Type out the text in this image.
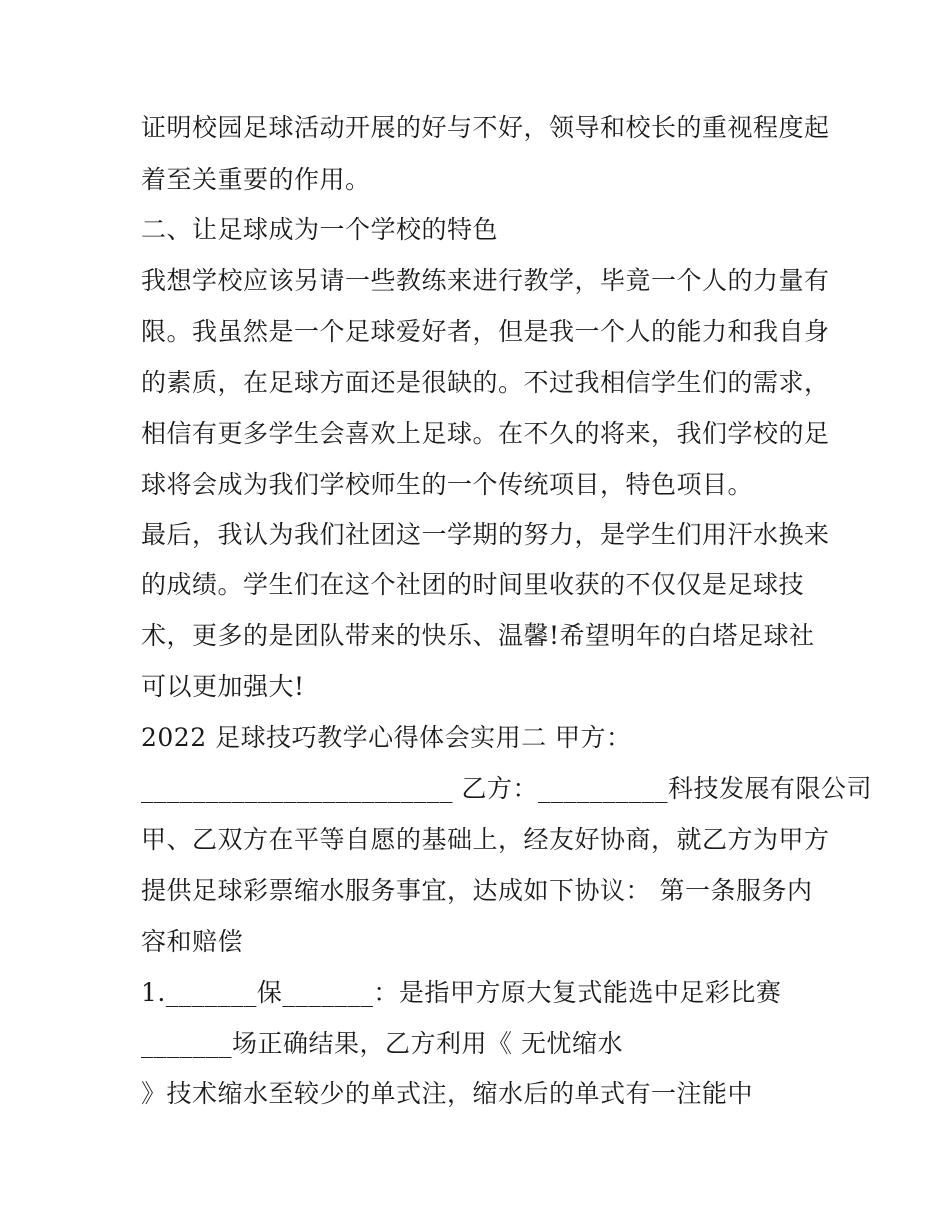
证明校园足球活动开展的好与不好，领导和校长的重视程度起
着至关重要的作用。
二、让足球成为一个学校的特色
我想学校应该另请一些教练来进行教学，毕竟一个人的力量有
限。我虽然是一个足球爱好者，但是我一个人的能力和我自身
的素质，在足球方面还是很缺的。不过我相信学生们的需求，
相信有更多学生会喜欢上足球。在不久的将来，我们学校的足
球将会成为我们学校师生的一个传统项目，特色项目。
最后，我认为我们社团这一学期的努力，是学生们用汗水换来
的成绩。学生们在这个社团的时间里收获的不仅仅是足球技
术，更多的是团队带来的快乐、温馨!希望明年的白塔足球社
可以更加强大!
2022 足球技巧教学心得体会实用二 甲方：
________________________ 乙方：__________科技发展有限公司
甲、乙双方在平等自愿的基础上，经友好协商，就乙方为甲方
提供足球彩票缩水服务事宜，达成如下协议： 第一条服务内
容和赔偿
1._______保_______：是指甲方原大复式能选中足彩比赛
_______场正确结果，乙方利用《 无忧缩水
》技术缩水至较少的单式注，缩水后的单式有一注能中
